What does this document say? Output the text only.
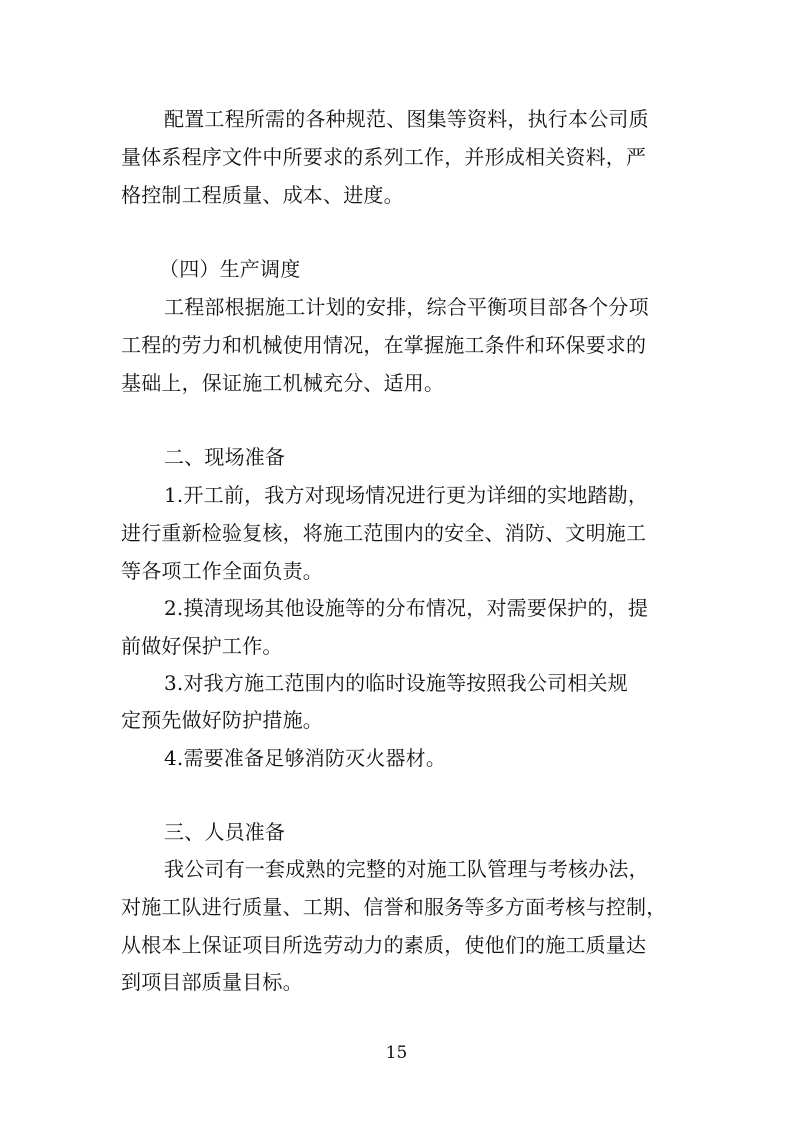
配置工程所需的各种规范、图集等资料，执行本公司质
量体系程序文件中所要求的系列工作，并形成相关资料，严
格控制工程质量、成本、进度。
（四）生产调度
工程部根据施工计划的安排，综合平衡项目部各个分项
工程的劳力和机械使用情况，在掌握施工条件和环保要求的
基础上，保证施工机械充分、适用。
二、现场准备
1.开工前，我方对现场情况进行更为详细的实地踏勘，
进行重新检验复核，将施工范围内的安全、消防、文明施工
等各项工作全面负责。
2.摸清现场其他设施等的分布情况，对需要保护的，提
前做好保护工作。
3.对我方施工范围内的临时设施等按照我公司相关规
定预先做好防护措施。
4.需要准备足够消防灭火器材。
三、人员准备
我公司有一套成熟的完整的对施工队管理与考核办法，
对施工队进行质量、工期、信誉和服务等多方面考核与控制，
从根本上保证项目所选劳动力的素质，使他们的施工质量达
到项目部质量目标。
15
